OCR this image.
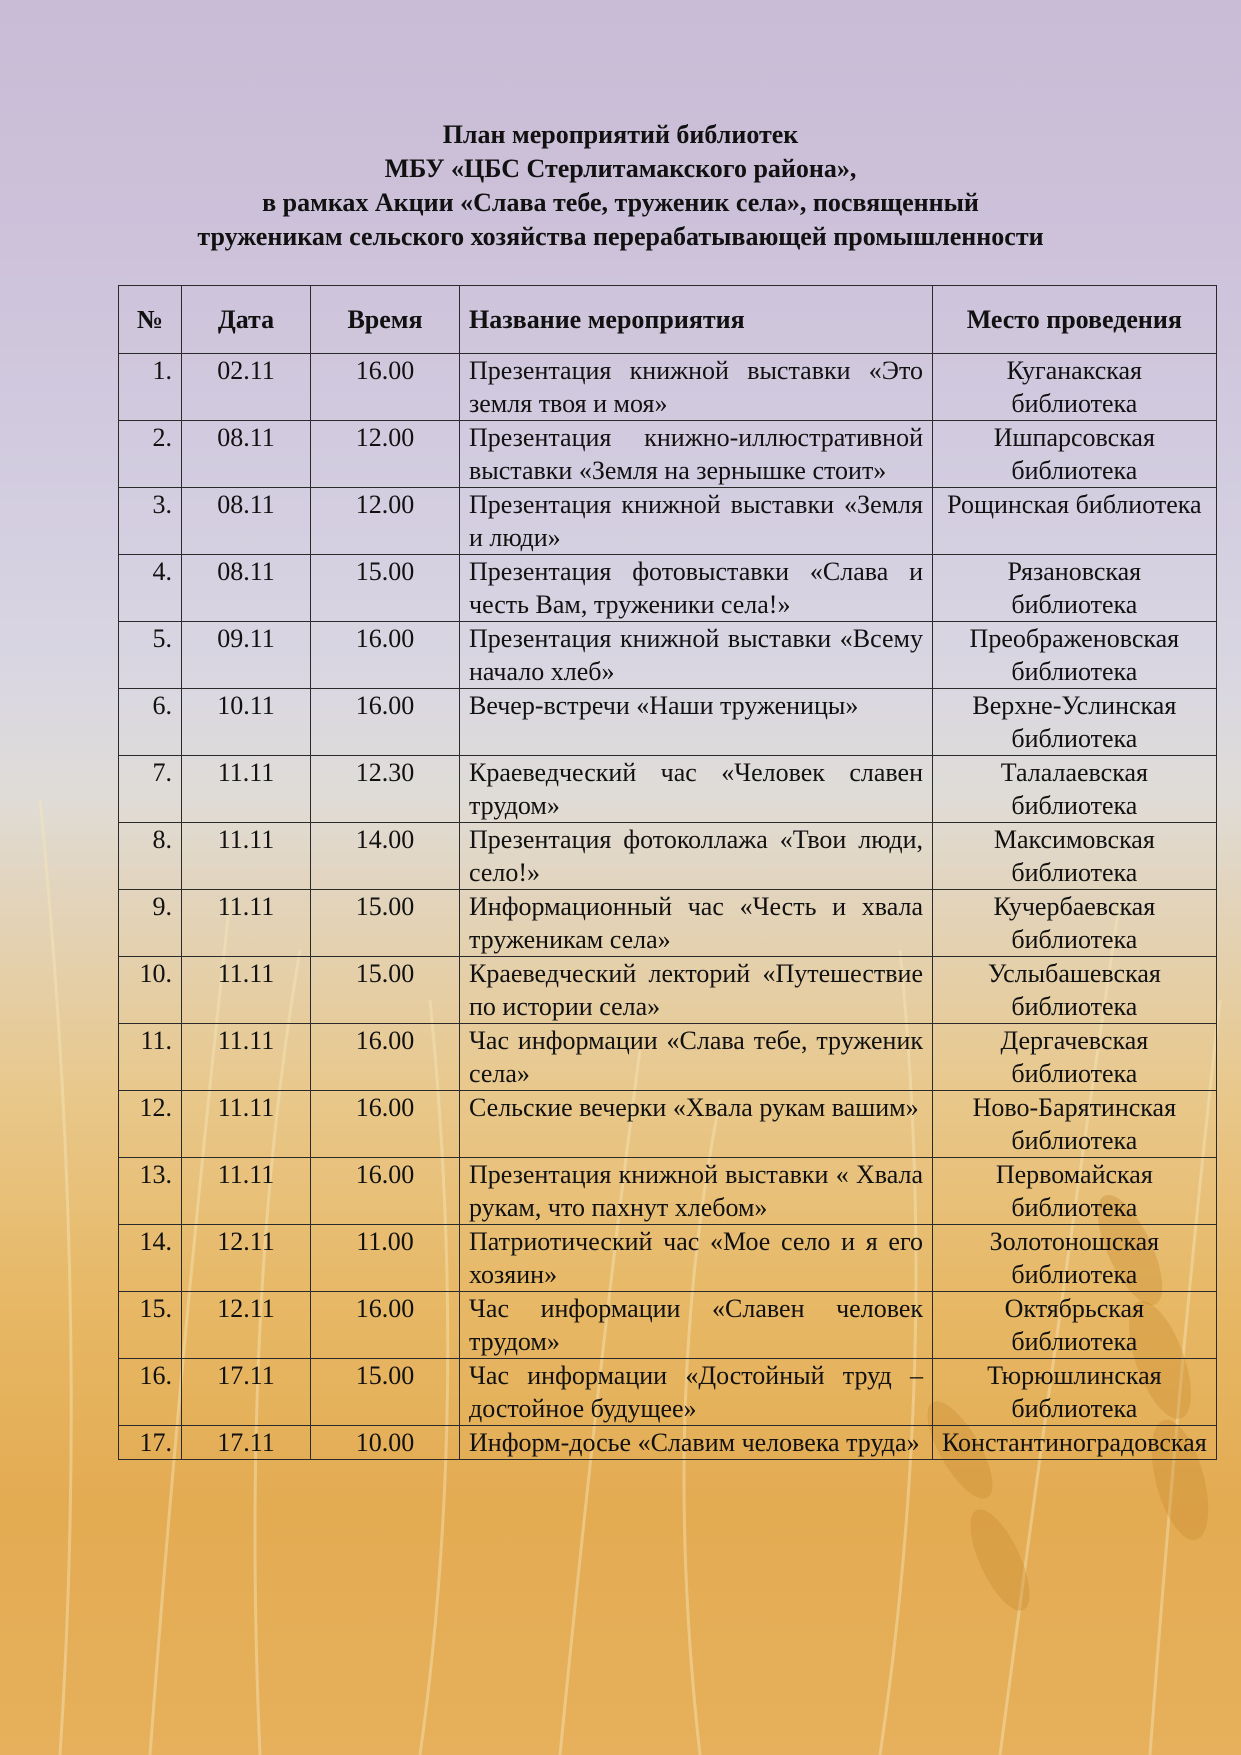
План мероприятий библиотек
МБУ «ЦБС Стерлитамакского района»,
в рамках Акции «Слава тебе, труженик села», посвященный
труженикам сельского хозяйства перерабатывающей промышленности
№	Дата	Время	Название мероприятия	Место проведения
1.	02.11	16.00	Презентация книжной выставки «Это земля твоя и моя»	Куганакская библиотека
2.	08.11	12.00	Презентация книжно-иллюстративной выставки «Земля на зернышке стоит»	Ишпарсовская библиотека
3.	08.11	12.00	Презентация книжной выставки «Земля и люди»	Рощинская библиотека
4.	08.11	15.00	Презентация фотовыставки «Слава и честь Вам, труженики села!»	Рязановская библиотека
5.	09.11	16.00	Презентация книжной выставки «Всему начало хлеб»	Преображеновская библиотека
6.	10.11	16.00	Вечер-встречи «Наши труженицы»	Верхне-Услинская библиотека
7.	11.11	12.30	Краеведческий час «Человек славен трудом»	Талалаевская библиотека
8.	11.11	14.00	Презентация фотоколлажа «Твои люди, село!»	Максимовская библиотека
9.	11.11	15.00	Информационный час «Честь и хвала труженикам села»	Кучербаевская библиотека
10.	11.11	15.00	Краеведческий лекторий «Путешествие по истории села»	Услыбашевская библиотека
11.	11.11	16.00	Час информации «Слава тебе, труженик села»	Дергачевская библиотека
12.	11.11	16.00	Сельские вечерки «Хвала рукам вашим»	Ново-Барятинская библиотека
13.	11.11	16.00	Презентация книжной выставки « Хвала рукам, что пахнут хлебом»	Первомайская библиотека
14.	12.11	11.00	Патриотический час «Мое село и я его хозяин»	Золотоношская библиотека
15.	12.11	16.00	Час информации «Славен человек трудом»	Октябрьская библиотека
16.	17.11	15.00	Час информации «Достойный труд – достойное будущее»	Тюрюшлинская библиотека
17.	17.11	10.00	Информ-досье «Славим человека труда»	Константиноградовская
